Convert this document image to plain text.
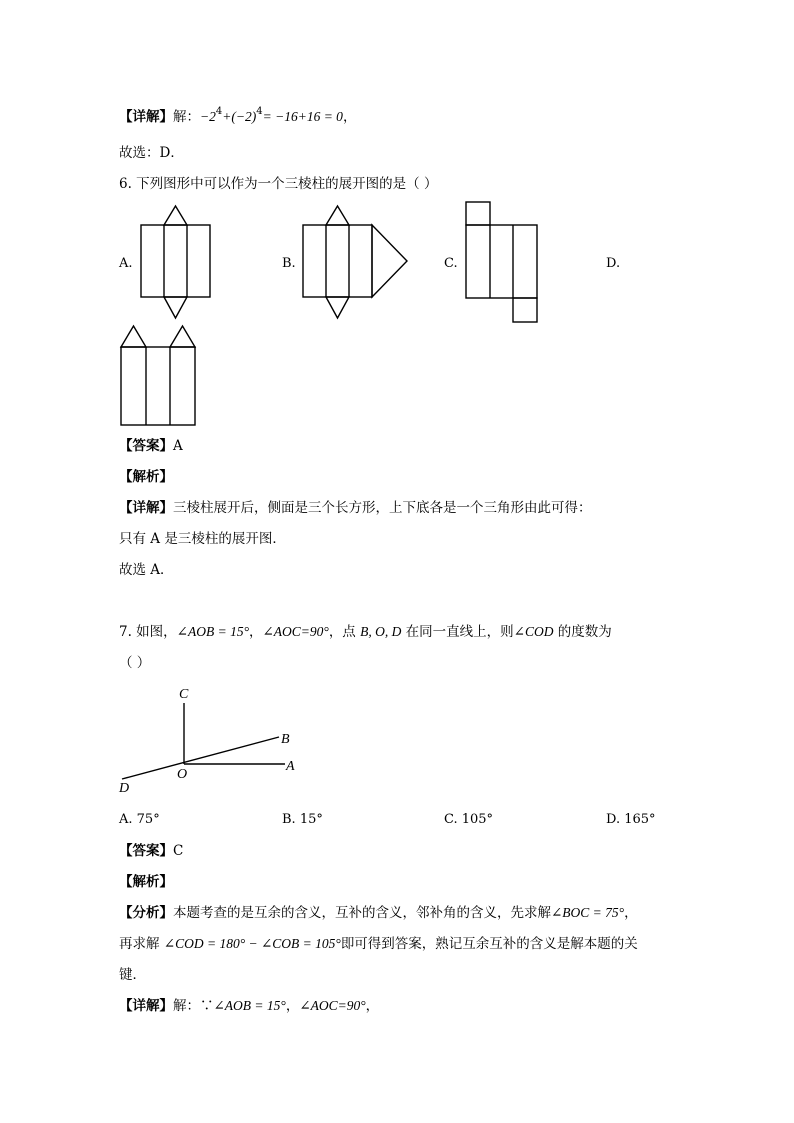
【详解】解：$-2^4+(-2)^4= -16+16 = 0$，
故选：D．
6. 下列图形中可以作为一个三棱柱的展开图的是（ ）
A.	B.	C.	D.
【答案】A
【解析】
【详解】三棱柱展开后，侧面是三个长方形，上下底各是一个三角形由此可得：
只有 A 是三棱柱的展开图．
故选 A．
7. 如图，∠AOB = 15°，∠AOC=90°，点 B, O, D 在同一直线上，则∠COD 的度数为
（ ）
C
B
O
A
D
A. 75°	B. 15°	C. 105°	D. 165°
【答案】C
【解析】
【分析】本题考查的是互余的含义，互补的含义，邻补角的含义，先求解∠BOC = 75°，
再求解 ∠COD = 180° − ∠COB = 105°即可得到答案，熟记互余互补的含义是解本题的关
键．
【详解】解：∵∠AOB = 15°，∠AOC=90°，
